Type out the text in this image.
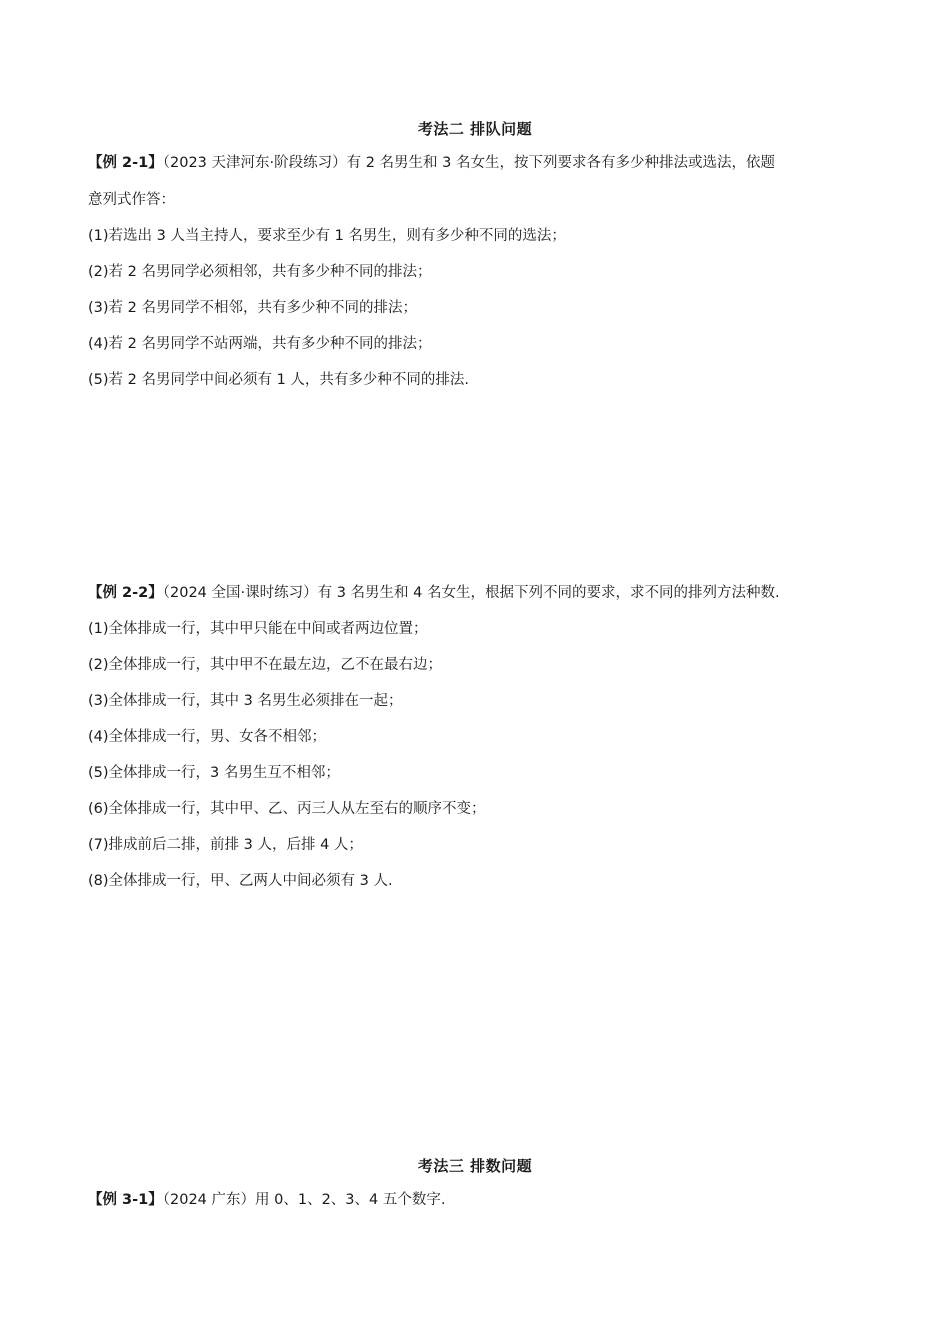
考法二 排队问题
【例 2-1】（2023 天津河东·阶段练习）有 2 名男生和 3 名女生，按下列要求各有多少种排法或选法，依题
意列式作答：
(1)若选出 3 人当主持人，要求至少有 1 名男生，则有多少种不同的选法；
(2)若 2 名男同学必须相邻，共有多少种不同的排法；
(3)若 2 名男同学不相邻，共有多少种不同的排法；
(4)若 2 名男同学不站两端，共有多少种不同的排法；
(5)若 2 名男同学中间必须有 1 人，共有多少种不同的排法.
【例 2-2】（2024 全国·课时练习）有 3 名男生和 4 名女生，根据下列不同的要求，求不同的排列方法种数.
(1)全体排成一行，其中甲只能在中间或者两边位置；
(2)全体排成一行，其中甲不在最左边，乙不在最右边；
(3)全体排成一行，其中 3 名男生必须排在一起；
(4)全体排成一行，男、女各不相邻；
(5)全体排成一行，3 名男生互不相邻；
(6)全体排成一行，其中甲、乙、丙三人从左至右的顺序不变；
(7)排成前后二排，前排 3 人，后排 4 人；
(8)全体排成一行，甲、乙两人中间必须有 3 人.
考法三 排数问题
【例 3-1】（2024 广东）用 0、1、2、3、4 五个数字.
